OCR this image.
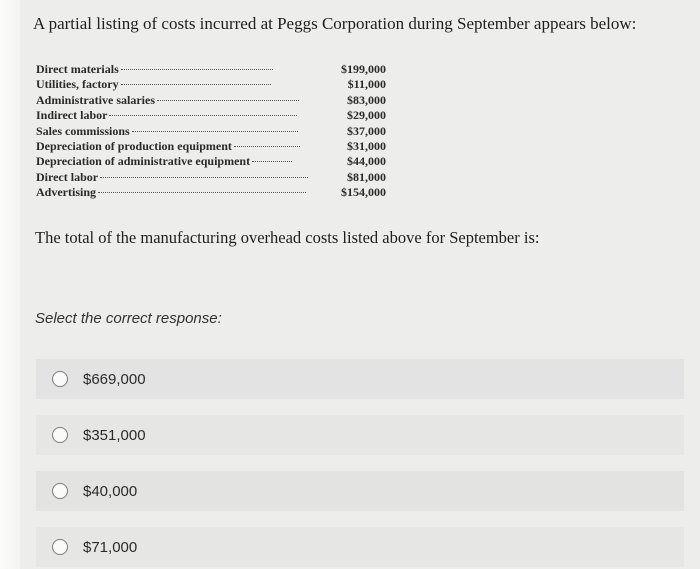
A partial listing of costs incurred at Peggs Corporation during September appears below:
Direct materials	$199,000
Utilities, factory	$11,000
Administrative salaries	$83,000
Indirect labor	$29,000
Sales commissions	$37,000
Depreciation of production equipment	$31,000
Depreciation of administrative equipment	$44,000
Direct labor	$81,000
Advertising	$154,000
The total of the manufacturing overhead costs listed above for September is:
Select the correct response:
$669,000
$351,000
$40,000
$71,000
